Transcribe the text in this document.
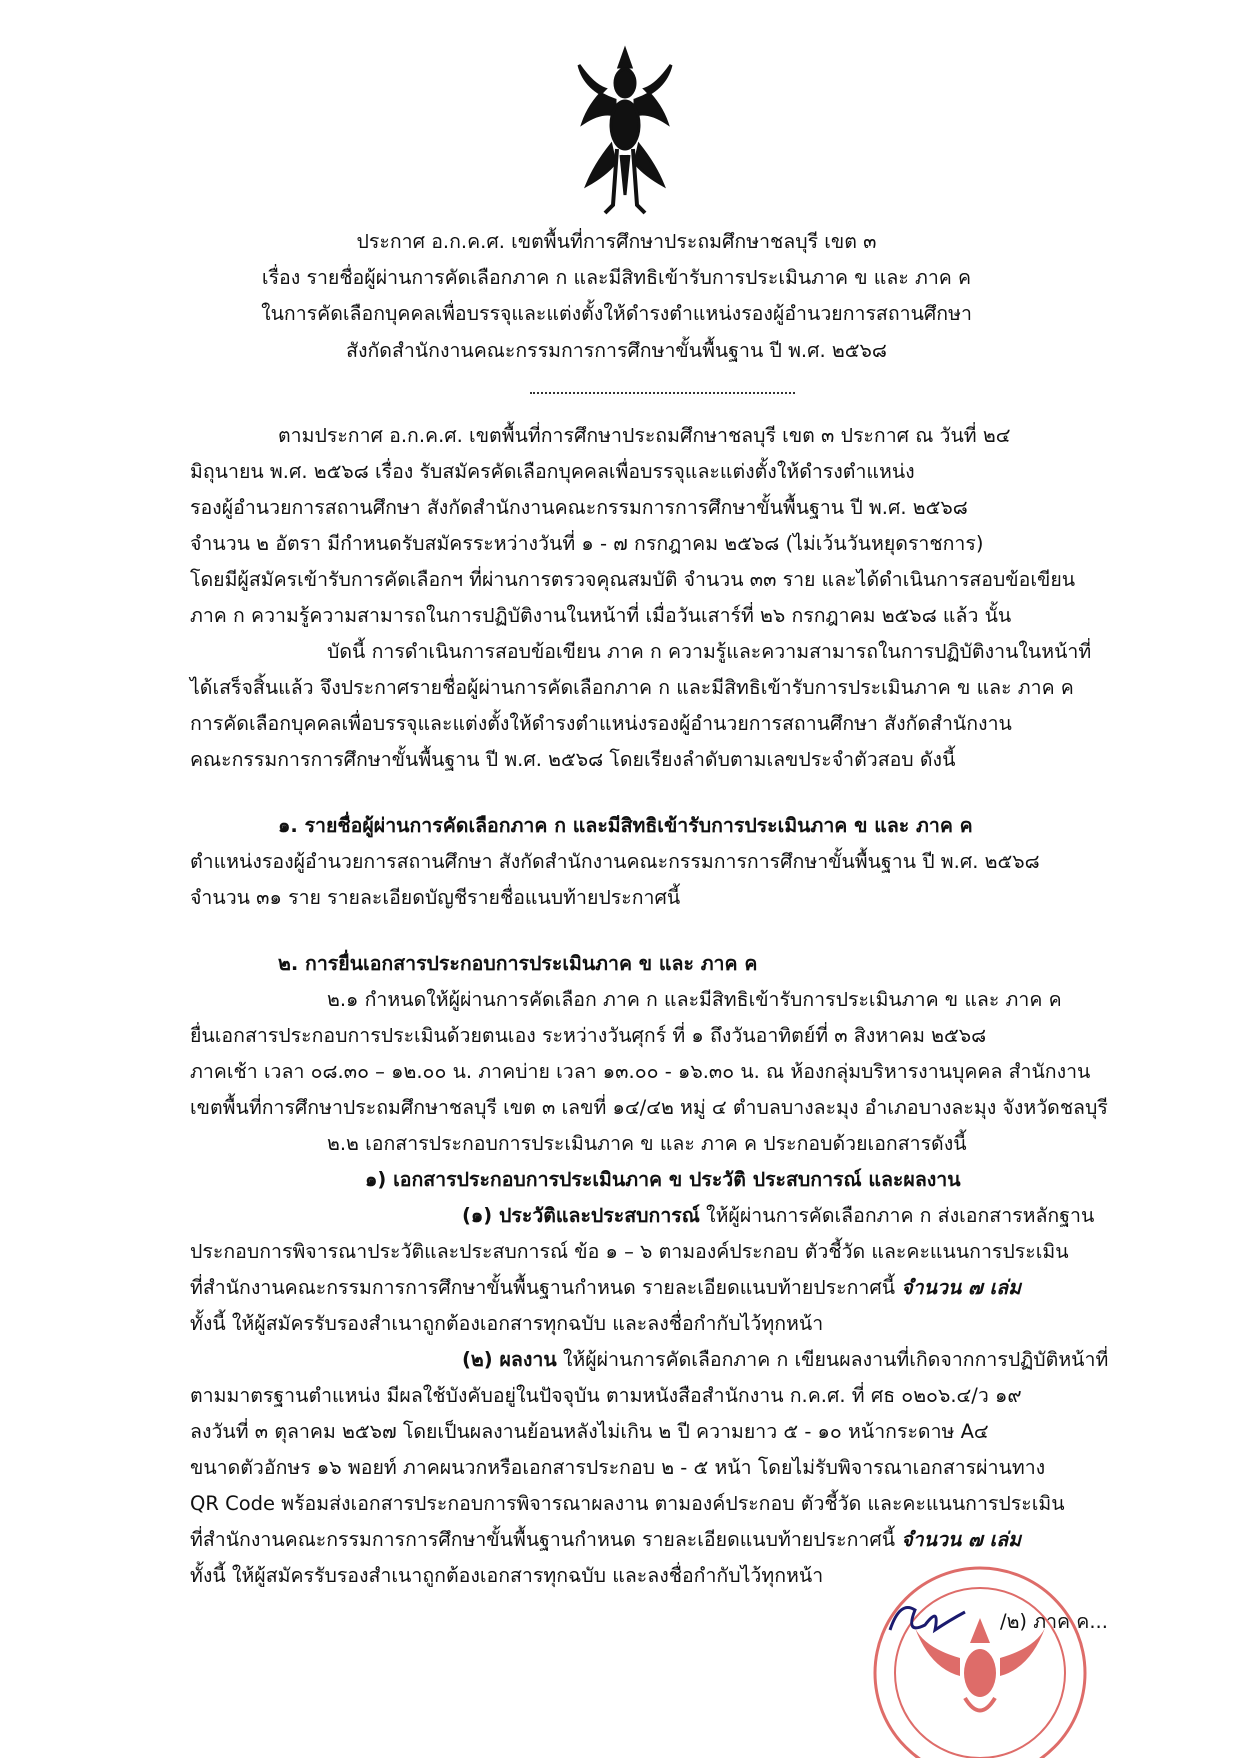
ประกาศ อ.ก.ค.ศ. เขตพื้นที่การศึกษาประถมศึกษาชลบุรี เขต ๓
เรื่อง รายชื่อผู้ผ่านการคัดเลือกภาค ก และมีสิทธิเข้ารับการประเมินภาค ข และ ภาค ค
ในการคัดเลือกบุคคลเพื่อบรรจุและแต่งตั้งให้ดำรงตำแหน่งรองผู้อำนวยการสถานศึกษา
สังกัดสำนักงานคณะกรรมการการศึกษาขั้นพื้นฐาน ปี พ.ศ. ๒๕๖๘
ตามประกาศ อ.ก.ค.ศ. เขตพื้นที่การศึกษาประถมศึกษาชลบุรี เขต ๓ ประกาศ ณ วันที่ ๒๔
มิถุนายน พ.ศ. ๒๕๖๘ เรื่อง รับสมัครคัดเลือกบุคคลเพื่อบรรจุและแต่งตั้งให้ดำรงตำแหน่ง
รองผู้อำนวยการสถานศึกษา สังกัดสำนักงานคณะกรรมการการศึกษาขั้นพื้นฐาน ปี พ.ศ. ๒๕๖๘
จำนวน ๒ อัตรา มีกำหนดรับสมัครระหว่างวันที่ ๑ - ๗ กรกฎาคม ๒๕๖๘ (ไม่เว้นวันหยุดราชการ)
โดยมีผู้สมัครเข้ารับการคัดเลือกฯ ที่ผ่านการตรวจคุณสมบัติ จำนวน ๓๓ ราย และได้ดำเนินการสอบข้อเขียน
ภาค ก ความรู้ความสามารถในการปฏิบัติงานในหน้าที่ เมื่อวันเสาร์ที่ ๒๖ กรกฎาคม ๒๕๖๘ แล้ว นั้น
บัดนี้ การดำเนินการสอบข้อเขียน ภาค ก ความรู้และความสามารถในการปฏิบัติงานในหน้าที่
ได้เสร็จสิ้นแล้ว จึงประกาศรายชื่อผู้ผ่านการคัดเลือกภาค ก และมีสิทธิเข้ารับการประเมินภาค ข และ ภาค ค
การคัดเลือกบุคคลเพื่อบรรจุและแต่งตั้งให้ดำรงตำแหน่งรองผู้อำนวยการสถานศึกษา สังกัดสำนักงาน
คณะกรรมการการศึกษาขั้นพื้นฐาน ปี พ.ศ. ๒๕๖๘ โดยเรียงลำดับตามเลขประจำตัวสอบ ดังนี้
๑. รายชื่อผู้ผ่านการคัดเลือกภาค ก และมีสิทธิเข้ารับการประเมินภาค ข และ ภาค ค
ตำแหน่งรองผู้อำนวยการสถานศึกษา สังกัดสำนักงานคณะกรรมการการศึกษาขั้นพื้นฐาน ปี พ.ศ. ๒๕๖๘
จำนวน ๓๑ ราย รายละเอียดบัญชีรายชื่อแนบท้ายประกาศนี้
๒. การยื่นเอกสารประกอบการประเมินภาค ข และ ภาค ค
๒.๑ กำหนดให้ผู้ผ่านการคัดเลือก ภาค ก และมีสิทธิเข้ารับการประเมินภาค ข และ ภาค ค
ยื่นเอกสารประกอบการประเมินด้วยตนเอง ระหว่างวันศุกร์ ที่ ๑ ถึงวันอาทิตย์ที่ ๓ สิงหาคม ๒๕๖๘
ภาคเช้า เวลา ๐๘.๓๐ – ๑๒.๐๐ น. ภาคบ่าย เวลา ๑๓.๐๐ - ๑๖.๓๐ น. ณ ห้องกลุ่มบริหารงานบุคคล สำนักงาน
เขตพื้นที่การศึกษาประถมศึกษาชลบุรี เขต ๓ เลขที่ ๑๔/๔๒ หมู่ ๔ ตำบลบางละมุง อำเภอบางละมุง จังหวัดชลบุรี
๒.๒ เอกสารประกอบการประเมินภาค ข และ ภาค ค ประกอบด้วยเอกสารดังนี้
๑) เอกสารประกอบการประเมินภาค ข ประวัติ ประสบการณ์ และผลงาน
(๑) ประวัติและประสบการณ์ ให้ผู้ผ่านการคัดเลือกภาค ก ส่งเอกสารหลักฐาน
ประกอบการพิจารณาประวัติและประสบการณ์ ข้อ ๑ – ๖ ตามองค์ประกอบ ตัวชี้วัด และคะแนนการประเมิน
ที่สำนักงานคณะกรรมการการศึกษาขั้นพื้นฐานกำหนด รายละเอียดแนบท้ายประกาศนี้ จำนวน ๗ เล่ม
ทั้งนี้ ให้ผู้สมัครรับรองสำเนาถูกต้องเอกสารทุกฉบับ และลงชื่อกำกับไว้ทุกหน้า
(๒) ผลงาน ให้ผู้ผ่านการคัดเลือกภาค ก เขียนผลงานที่เกิดจากการปฏิบัติหน้าที่
ตามมาตรฐานตำแหน่ง มีผลใช้บังคับอยู่ในปัจจุบัน ตามหนังสือสำนักงาน ก.ค.ศ. ที่ ศธ ๐๒๐๖.๔/ว ๑๙
ลงวันที่ ๓ ตุลาคม ๒๕๖๗ โดยเป็นผลงานย้อนหลังไม่เกิน ๒ ปี ความยาว ๕ - ๑๐ หน้ากระดาษ A๔
ขนาดตัวอักษร ๑๖ พอยท์ ภาคผนวกหรือเอกสารประกอบ ๒ - ๕ หน้า โดยไม่รับพิจารณาเอกสารผ่านทาง
QR Code พร้อมส่งเอกสารประกอบการพิจารณาผลงาน ตามองค์ประกอบ ตัวชี้วัด และคะแนนการประเมิน
ที่สำนักงานคณะกรรมการการศึกษาขั้นพื้นฐานกำหนด รายละเอียดแนบท้ายประกาศนี้ จำนวน ๗ เล่ม
ทั้งนี้ ให้ผู้สมัครรับรองสำเนาถูกต้องเอกสารทุกฉบับ และลงชื่อกำกับไว้ทุกหน้า
/๒) ภาค ค...
